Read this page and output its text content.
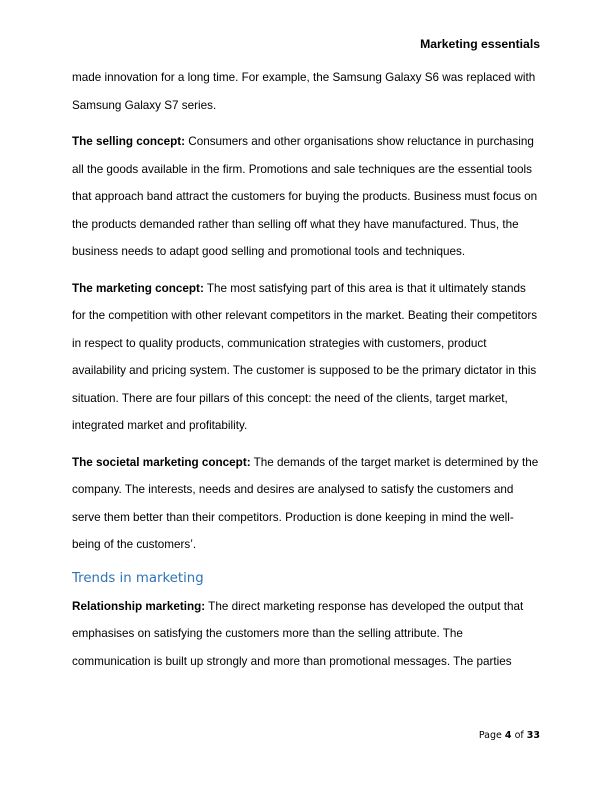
Marketing essentials

made innovation for a long time. For example, the Samsung Galaxy S6 was replaced with Samsung Galaxy S7 series.

The selling concept: Consumers and other organisations show reluctance in purchasing all the goods available in the firm. Promotions and sale techniques are the essential tools that approach band attract the customers for buying the products. Business must focus on the products demanded rather than selling off what they have manufactured. Thus, the business needs to adapt good selling and promotional tools and techniques.

The marketing concept: The most satisfying part of this area is that it ultimately stands for the competition with other relevant competitors in the market. Beating their competitors in respect to quality products, communication strategies with customers, product availability and pricing system. The customer is supposed to be the primary dictator in this situation. There are four pillars of this concept: the need of the clients, target market, integrated market and profitability.

The societal marketing concept: The demands of the target market is determined by the company. The interests, needs and desires are analysed to satisfy the customers and serve them better than their competitors. Production is done keeping in mind the well-being of the customers’.

Trends in marketing

Relationship marketing: The direct marketing response has developed the output that emphasises on satisfying the customers more than the selling attribute. The communication is built up strongly and more than promotional messages. The parties

Page 4 of 33
